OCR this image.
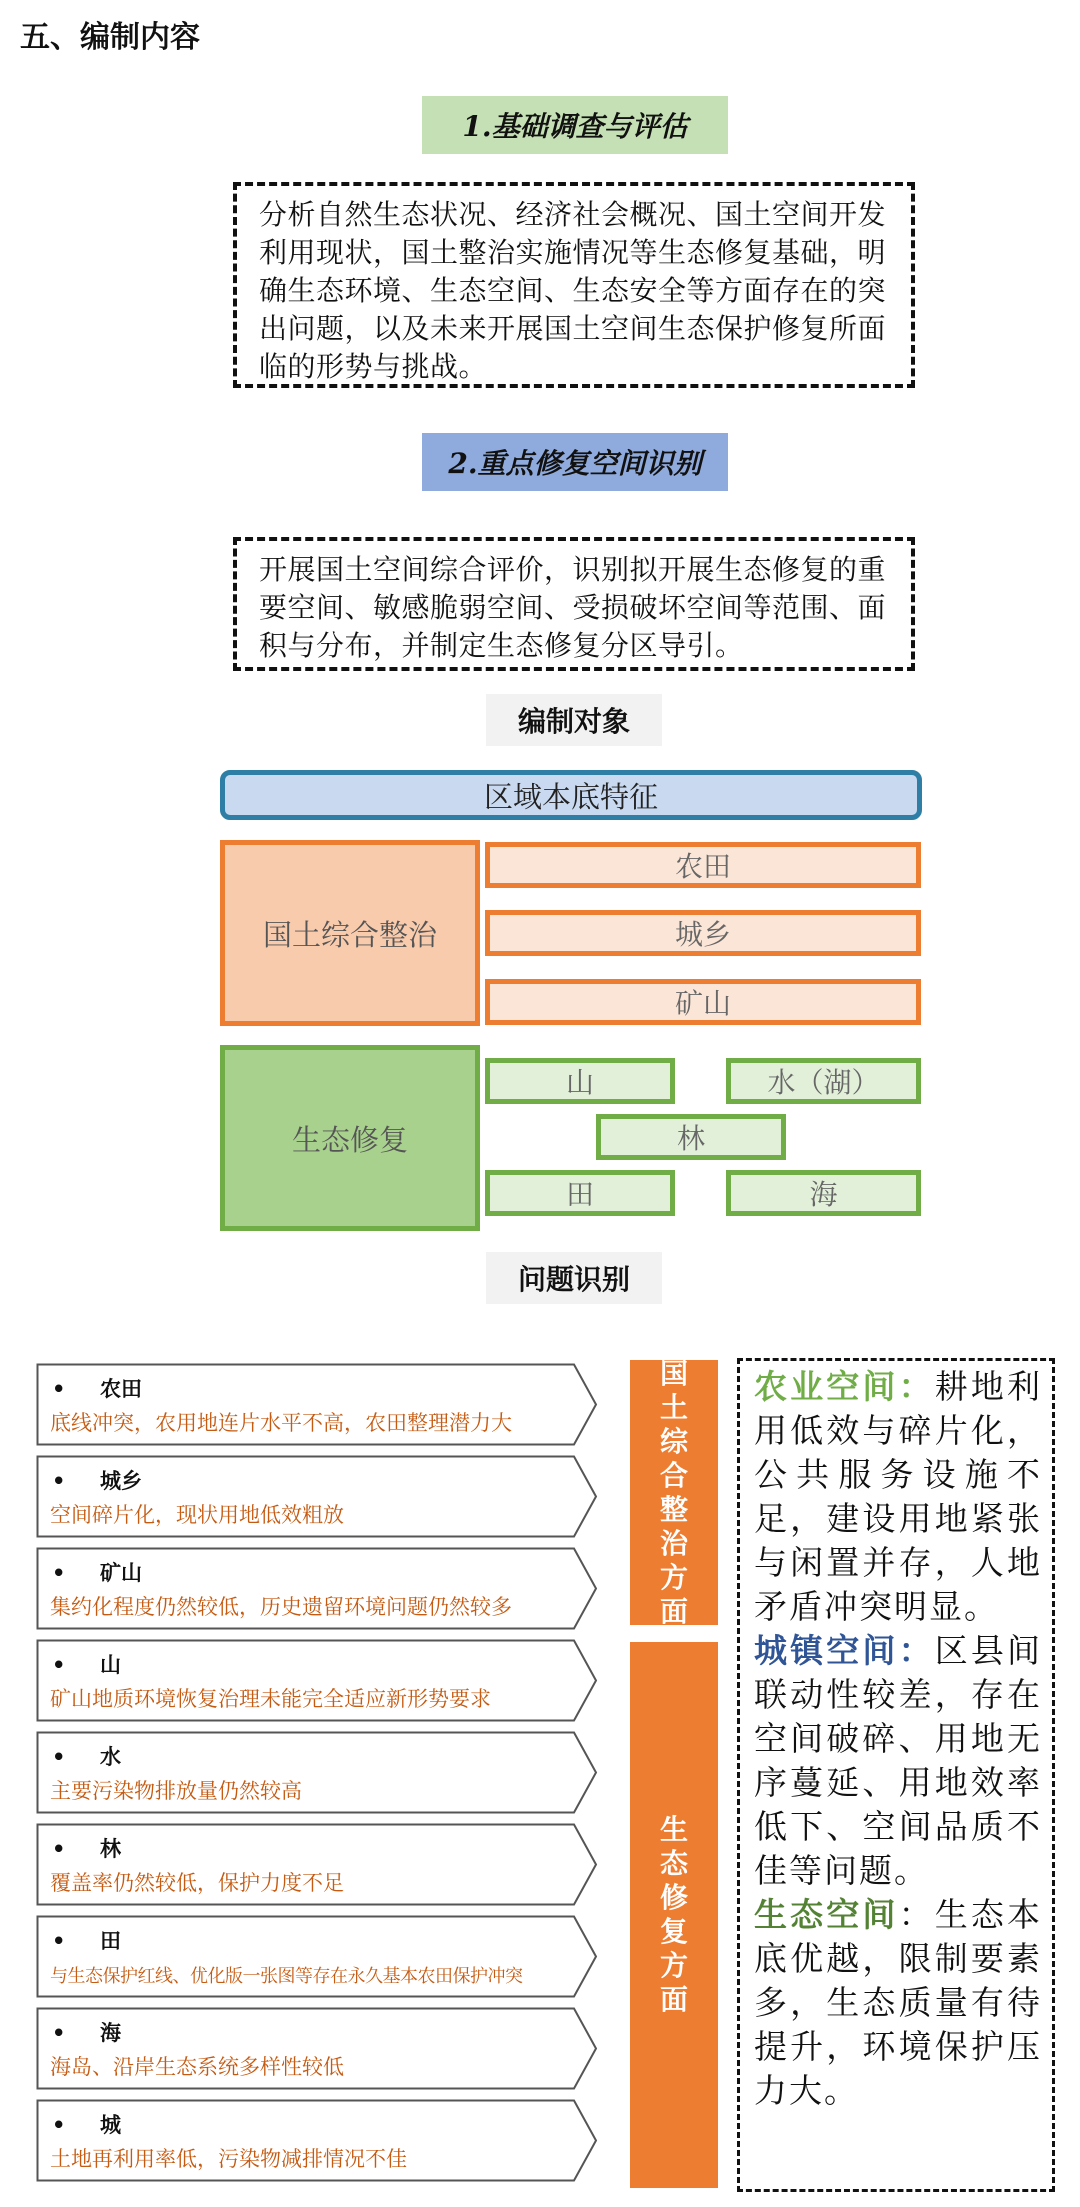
五、编制内容
1.基础调查与评估
分析自然生态状况、经济社会概况、国土空间开发利用现状，国土整治实施情况等生态修复基础，明确生态环境、生态空间、生态安全等方面存在的突出问题，以及未来开展国土空间生态保护修复所面临的形势与挑战。
2.重点修复空间识别
开展国土空间综合评价，识别拟开展生态修复的重要空间、敏感脆弱空间、受损破坏空间等范围、面积与分布，并制定生态修复分区导引。
编制对象
区域本底特征
国土综合整治
农田
城乡
矿山
生态修复
山	水（湖）
林
田	海
问题识别
• 农田
底线冲突，农用地连片水平不高，农田整理潜力大
• 城乡
空间碎片化，现状用地低效粗放
• 矿山
集约化程度仍然较低，历史遗留环境问题仍然较多
• 山
矿山地质环境恢复治理未能完全适应新形势要求
• 水
主要污染物排放量仍然较高
• 林
覆盖率仍然较低，保护力度不足
• 田
与生态保护红线、优化版一张图等存在永久基本农田保护冲突
• 海
海岛、沿岸生态系统多样性较低
• 城
土地再利用率低，污染物减排情况不佳
国土综合整治方面
生态修复方面
农业空间：耕地利用低效与碎片化，公共服务设施不足，建设用地紧张与闲置并存，人地矛盾冲突明显。
城镇空间：区县间联动性较差，存在空间破碎、用地无序蔓延、用地效率低下、空间品质不佳等问题。
生态空间：生态本底优越，限制要素多，生态质量有待提升，环境保护压力大。
